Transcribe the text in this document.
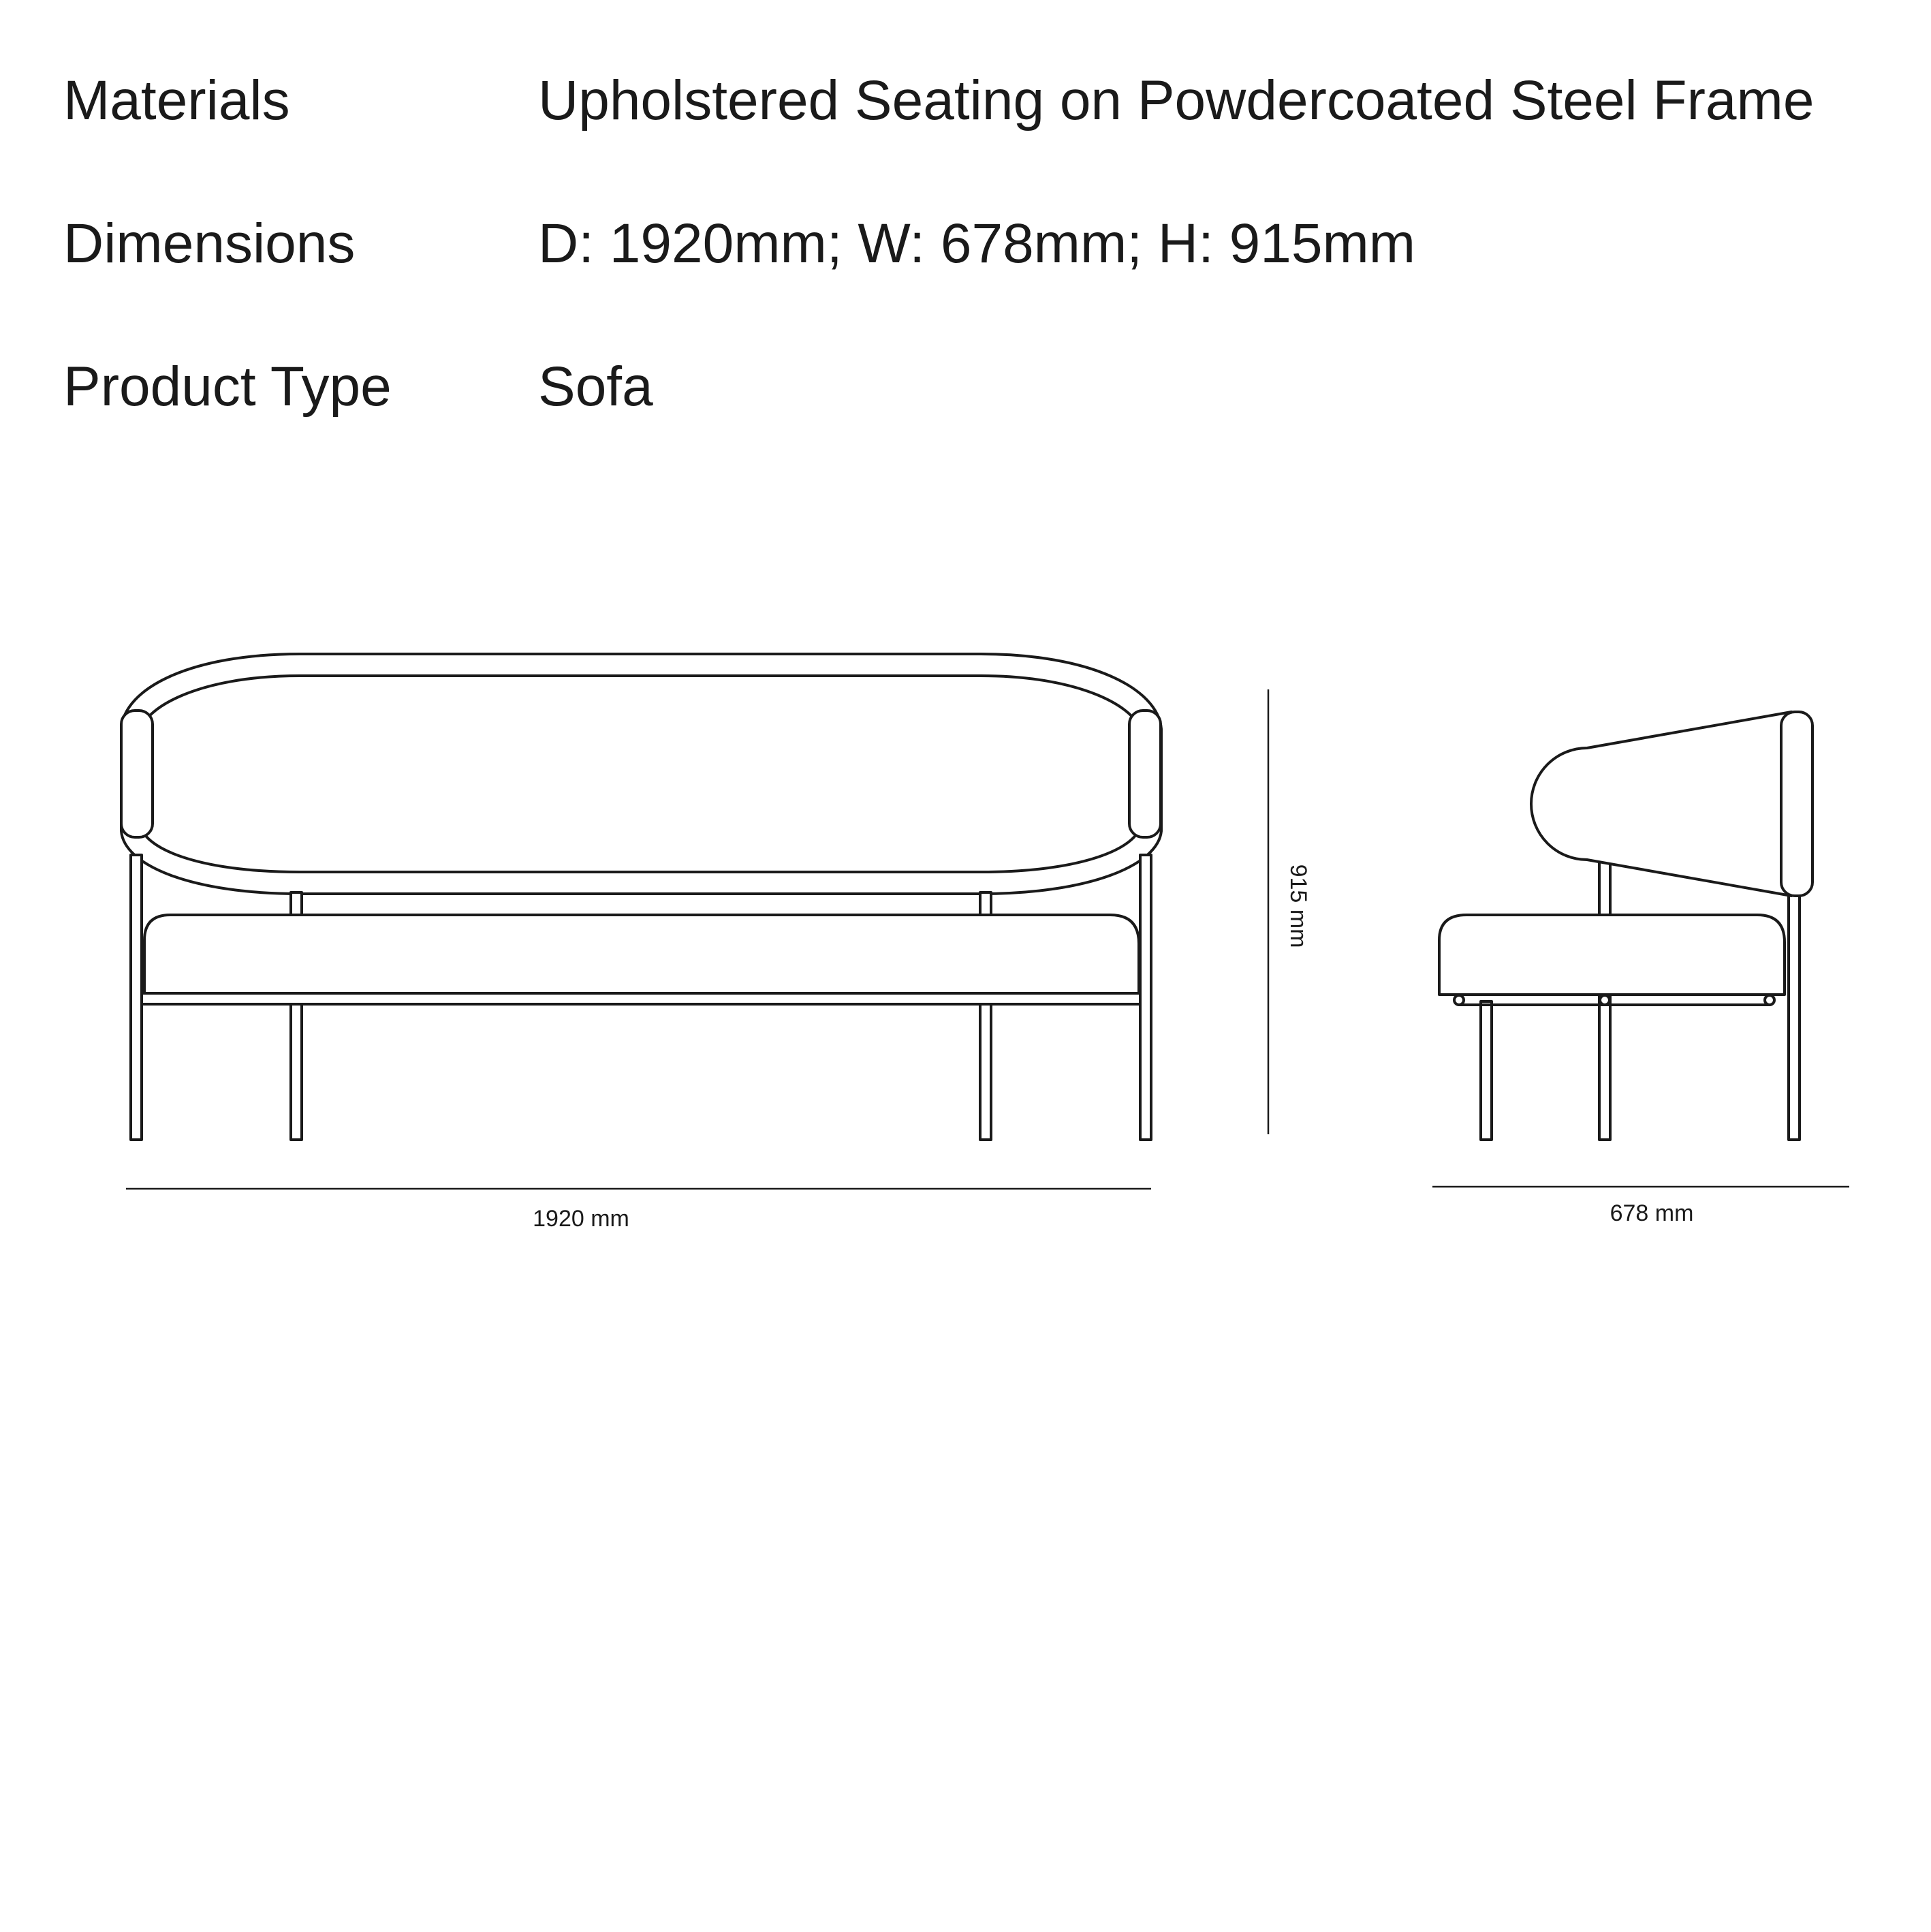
Materials	Upholstered Seating on Powdercoated Steel Frame
Dimensions	D: 1920mm; W: 678mm; H: 915mm
Product Type	Sofa
1920 mm
915 mm
678 mm
